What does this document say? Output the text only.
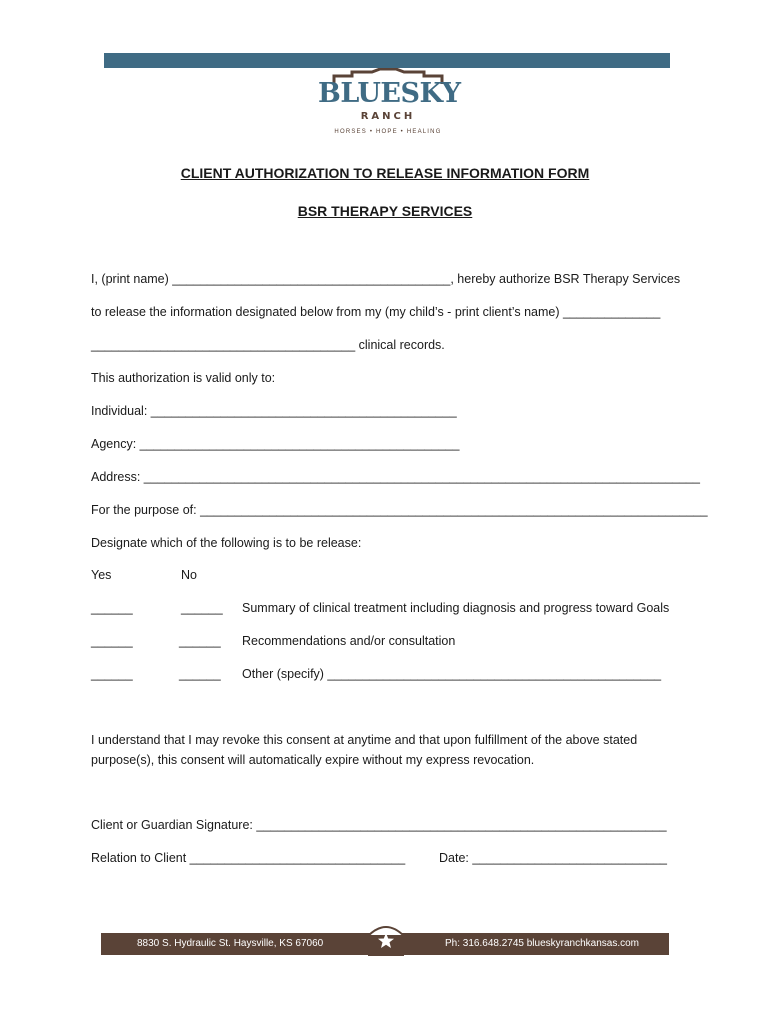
BLUESKY
RANCH
HORSES • HOPE • HEALING
CLIENT AUTHORIZATION TO RELEASE INFORMATION FORM
BSR THERAPY SERVICES
I, (print name) ________________________________________, hereby authorize BSR Therapy Services
to release the information designated below from my (my child’s - print client’s name) ______________
______________________________________ clinical records.
This authorization is valid only to:
Individual: ____________________________________________
Agency: ______________________________________________
Address: ________________________________________________________________________________
For the purpose of: _________________________________________________________________________
Designate which of the following is to be release:
Yes	No
______	______ Summary of clinical treatment including diagnosis and progress toward Goals
______	______ Recommendations and/or consultation
______	______ Other (specify) ________________________________________________
I understand that I may revoke this consent at anytime and that upon fulfillment of the above stated
purpose(s), this consent will automatically expire without my express revocation.
Client or Guardian Signature: ___________________________________________________________
Relation to Client _______________________________	Date: ____________________________
8830 S. Hydraulic St. Haysville, KS 67060	Ph: 316.648.2745 blueskyranchkansas.com
